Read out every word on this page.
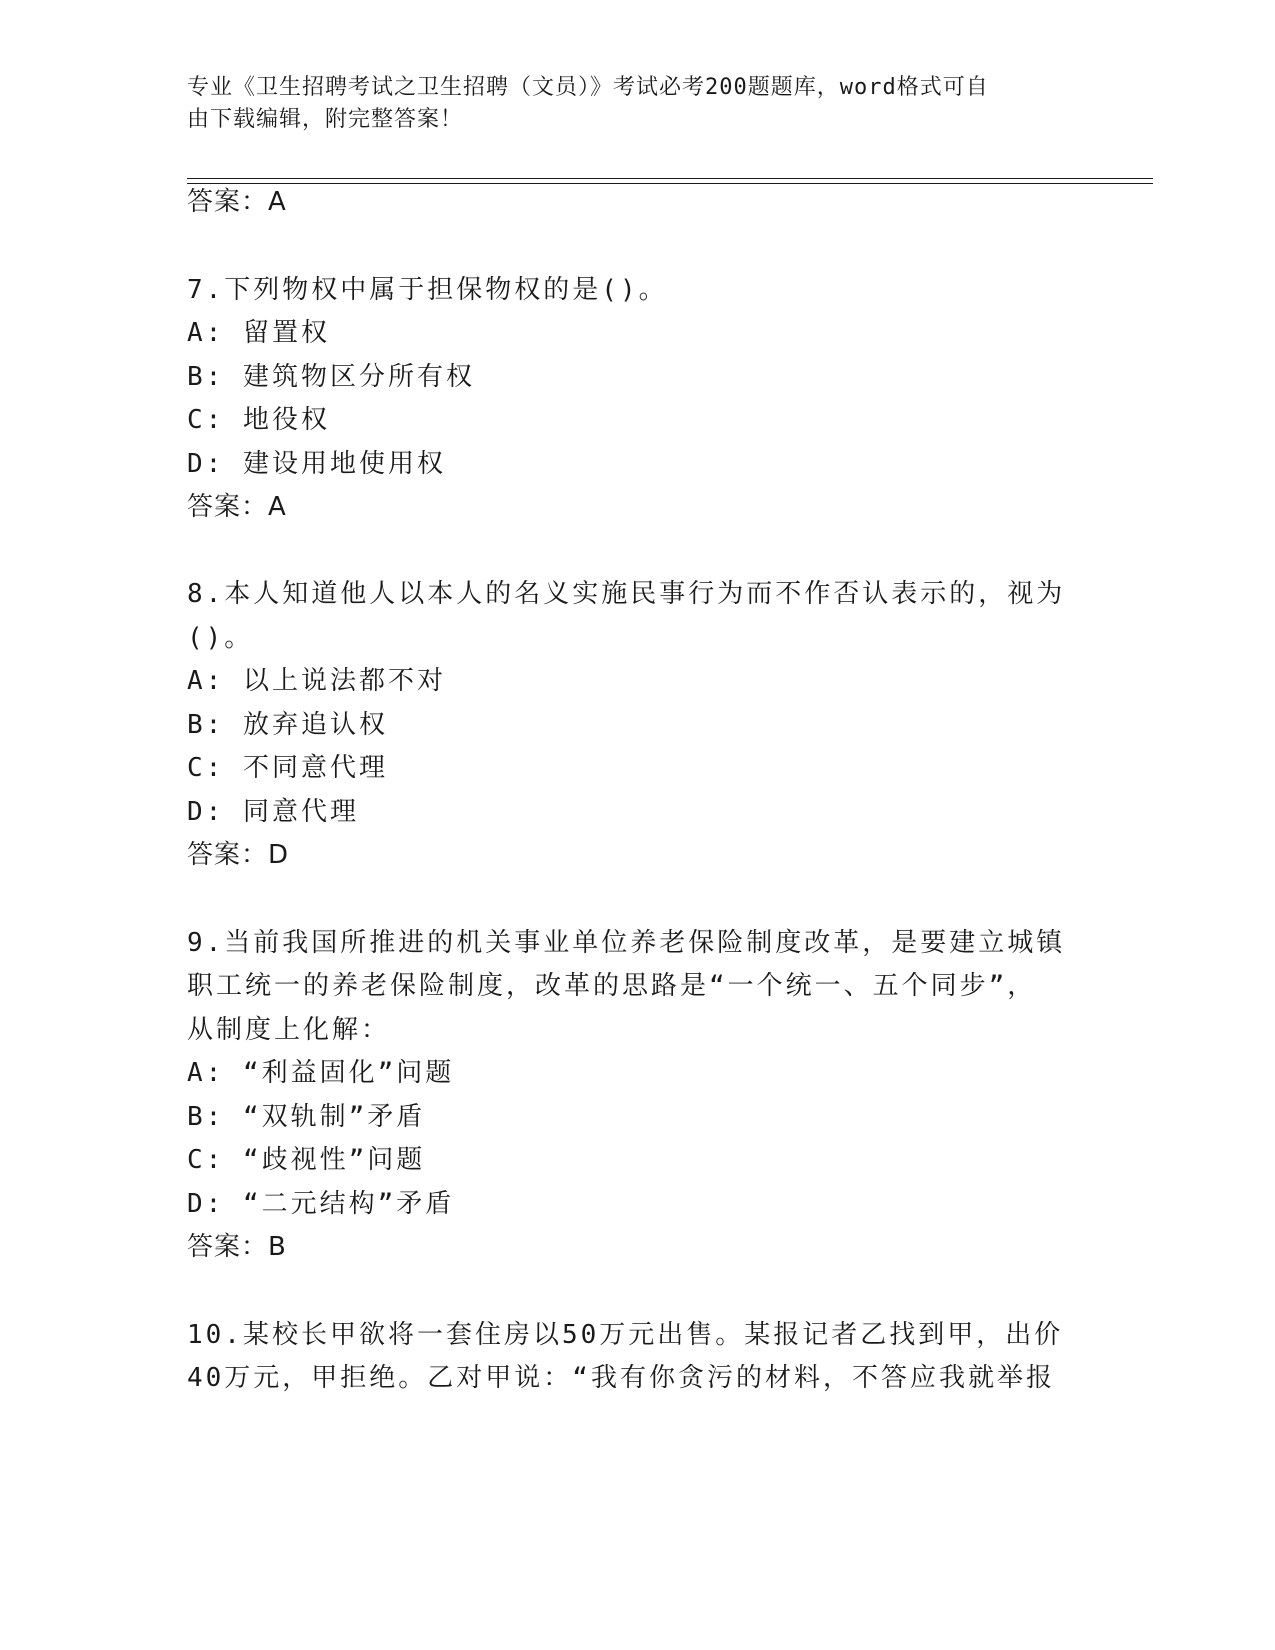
专业《卫生招聘考试之卫生招聘（文员）》考试必考200题题库，word格式可自
由下载编辑，附完整答案！
答案：A
7.下列物权中属于担保物权的是()。
A: 留置权
B: 建筑物区分所有权
C: 地役权
D: 建设用地使用权
答案：A
8.本人知道他人以本人的名义实施民事行为而不作否认表示的，视为
()。
A: 以上说法都不对
B: 放弃追认权
C: 不同意代理
D: 同意代理
答案：D
9.当前我国所推进的机关事业单位养老保险制度改革，是要建立城镇
职工统一的养老保险制度，改革的思路是“一个统一、五个同步”，
从制度上化解：
A: “利益固化”问题
B: “双轨制”矛盾
C: “歧视性”问题
D: “二元结构”矛盾
答案：B
10.某校长甲欲将一套住房以50万元出售。某报记者乙找到甲，出价
40万元，甲拒绝。乙对甲说：“我有你贪污的材料，不答应我就举报
